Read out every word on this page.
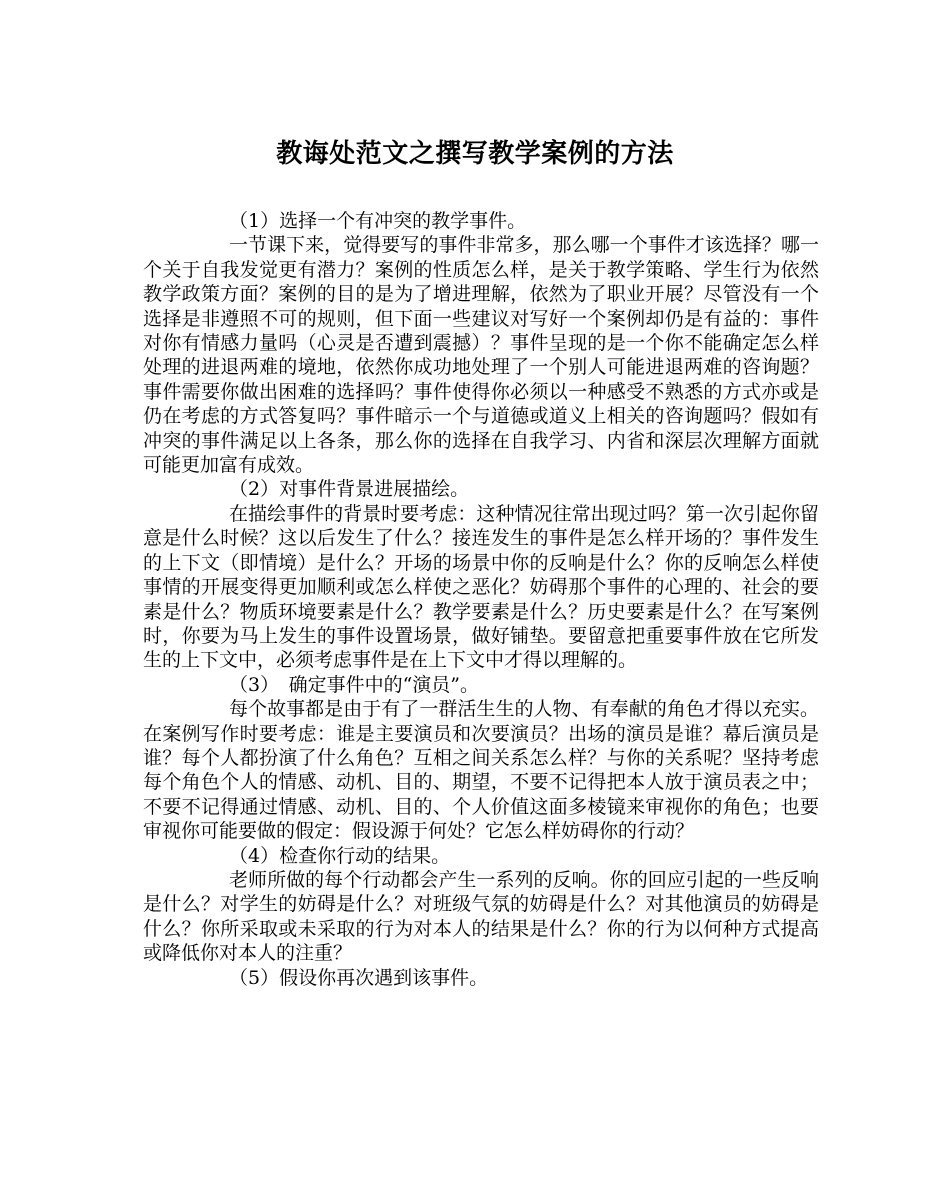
教诲处范文之撰写教学案例的方法

（1）选择一个有冲突的教学事件。

一节课下来，觉得要写的事件非常多，那么哪一个事件才该选择？哪一个关于自我发觉更有潜力？案例的性质怎么样，是关于教学策略、学生行为依然教学政策方面？案例的目的是为了增进理解，依然为了职业开展？尽管没有一个选择是非遵照不可的规则，但下面一些建议对写好一个案例却仍是有益的：事件对你有情感力量吗（心灵是否遭到震撼）？事件呈现的是一个你不能确定怎么样处理的进退两难的境地，依然你成功地处理了一个别人可能进退两难的咨询题？事件需要你做出困难的选择吗？事件使得你必须以一种感受不熟悉的方式亦或是仍在考虑的方式答复吗？事件暗示一个与道德或道义上相关的咨询题吗？假如有冲突的事件满足以上各条，那么你的选择在自我学习、内省和深层次理解方面就可能更加富有成效。

（2）对事件背景进展描绘。

在描绘事件的背景时要考虑：这种情况往常出现过吗？第一次引起你留意是什么时候？这以后发生了什么？接连发生的事件是怎么样开场的？事件发生的上下文（即情境）是什么？开场的场景中你的反响是什么？你的反响怎么样使事情的开展变得更加顺利或怎么样使之恶化？妨碍那个事件的心理的、社会的要素是什么？物质环境要素是什么？教学要素是什么？历史要素是什么？在写案例时，你要为马上发生的事件设置场景，做好铺垫。要留意把重要事件放在它所发生的上下文中，必须考虑事件是在上下文中才得以理解的。

（3）　确定事件中的“演员”。

每个故事都是由于有了一群活生生的人物、有奉献的角色才得以充实。在案例写作时要考虑：谁是主要演员和次要演员？出场的演员是谁？幕后演员是谁？每个人都扮演了什么角色？互相之间关系怎么样？与你的关系呢？坚持考虑每个角色个人的情感、动机、目的、期望，不要不记得把本人放于演员表之中；不要不记得通过情感、动机、目的、个人价值这面多棱镜来审视你的角色；也要审视你可能要做的假定：假设源于何处？它怎么样妨碍你的行动？

（4）检查你行动的结果。

老师所做的每个行动都会产生一系列的反响。你的回应引起的一些反响是什么？对学生的妨碍是什么？对班级气氛的妨碍是什么？对其他演员的妨碍是什么？你所采取或未采取的行为对本人的结果是什么？你的行为以何种方式提高或降低你对本人的注重？

（5）假设你再次遇到该事件。
